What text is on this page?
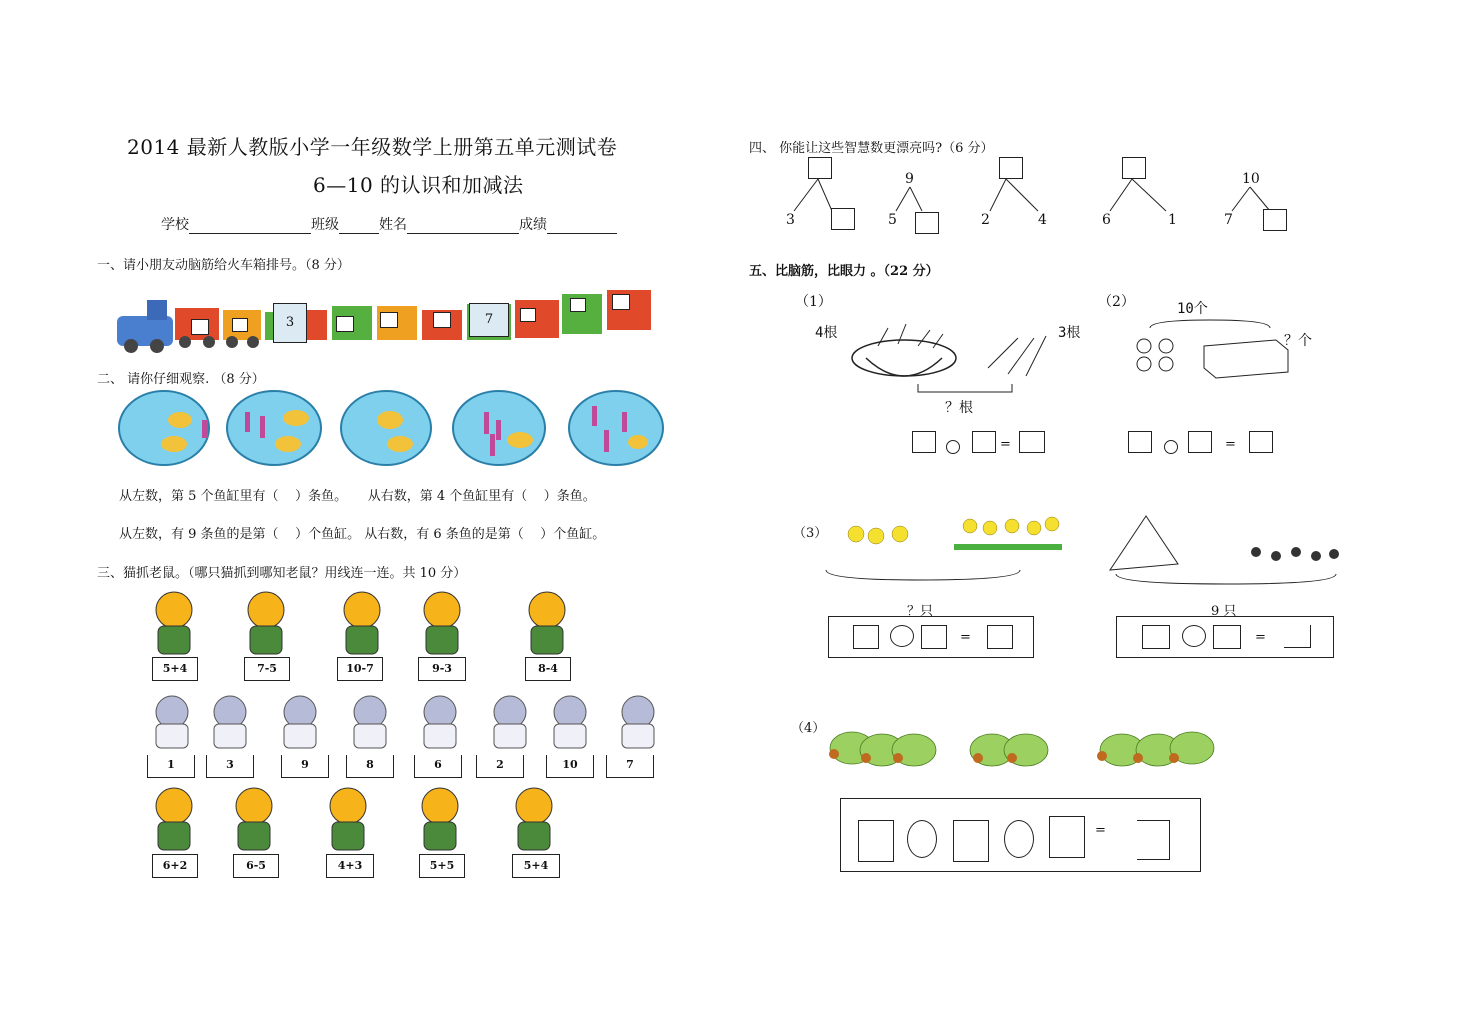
2014 最新人教版小学一年级数学上册第五单元测试卷
6—10 的认识和加减法
学校	班级	姓名	成绩
一、请小朋友动脑筋给火车箱排号。（8 分）
3	7
二、 请你仔细观察. （8 分）
从左数，第 5 个鱼缸里有（    ）条鱼。     从右数，第 4 个鱼缸里有（    ）条鱼。
从左数，有 9 条鱼的是第（    ）个鱼缸。 从右数，有 6 条鱼的是第（    ）个鱼缸。
三、猫抓老鼠。（哪只猫抓到哪知老鼠？用线连一连。共 10 分）
5+4	7-5	10-7	9-3	8-4
1	3	9	8	6	2	10	7
6+2	6-5	4+3	5+5	5+4
四、 你能让这些智慧数更漂亮吗?（6 分）
3
9
5	2	4	6	1
10
7
五、比脑筋，比眼力 。（22 分）
（1）
4根	3根
？根
=
（2）	10个
？个
=
（3）
？只	9 只
=	=
（4）
=
